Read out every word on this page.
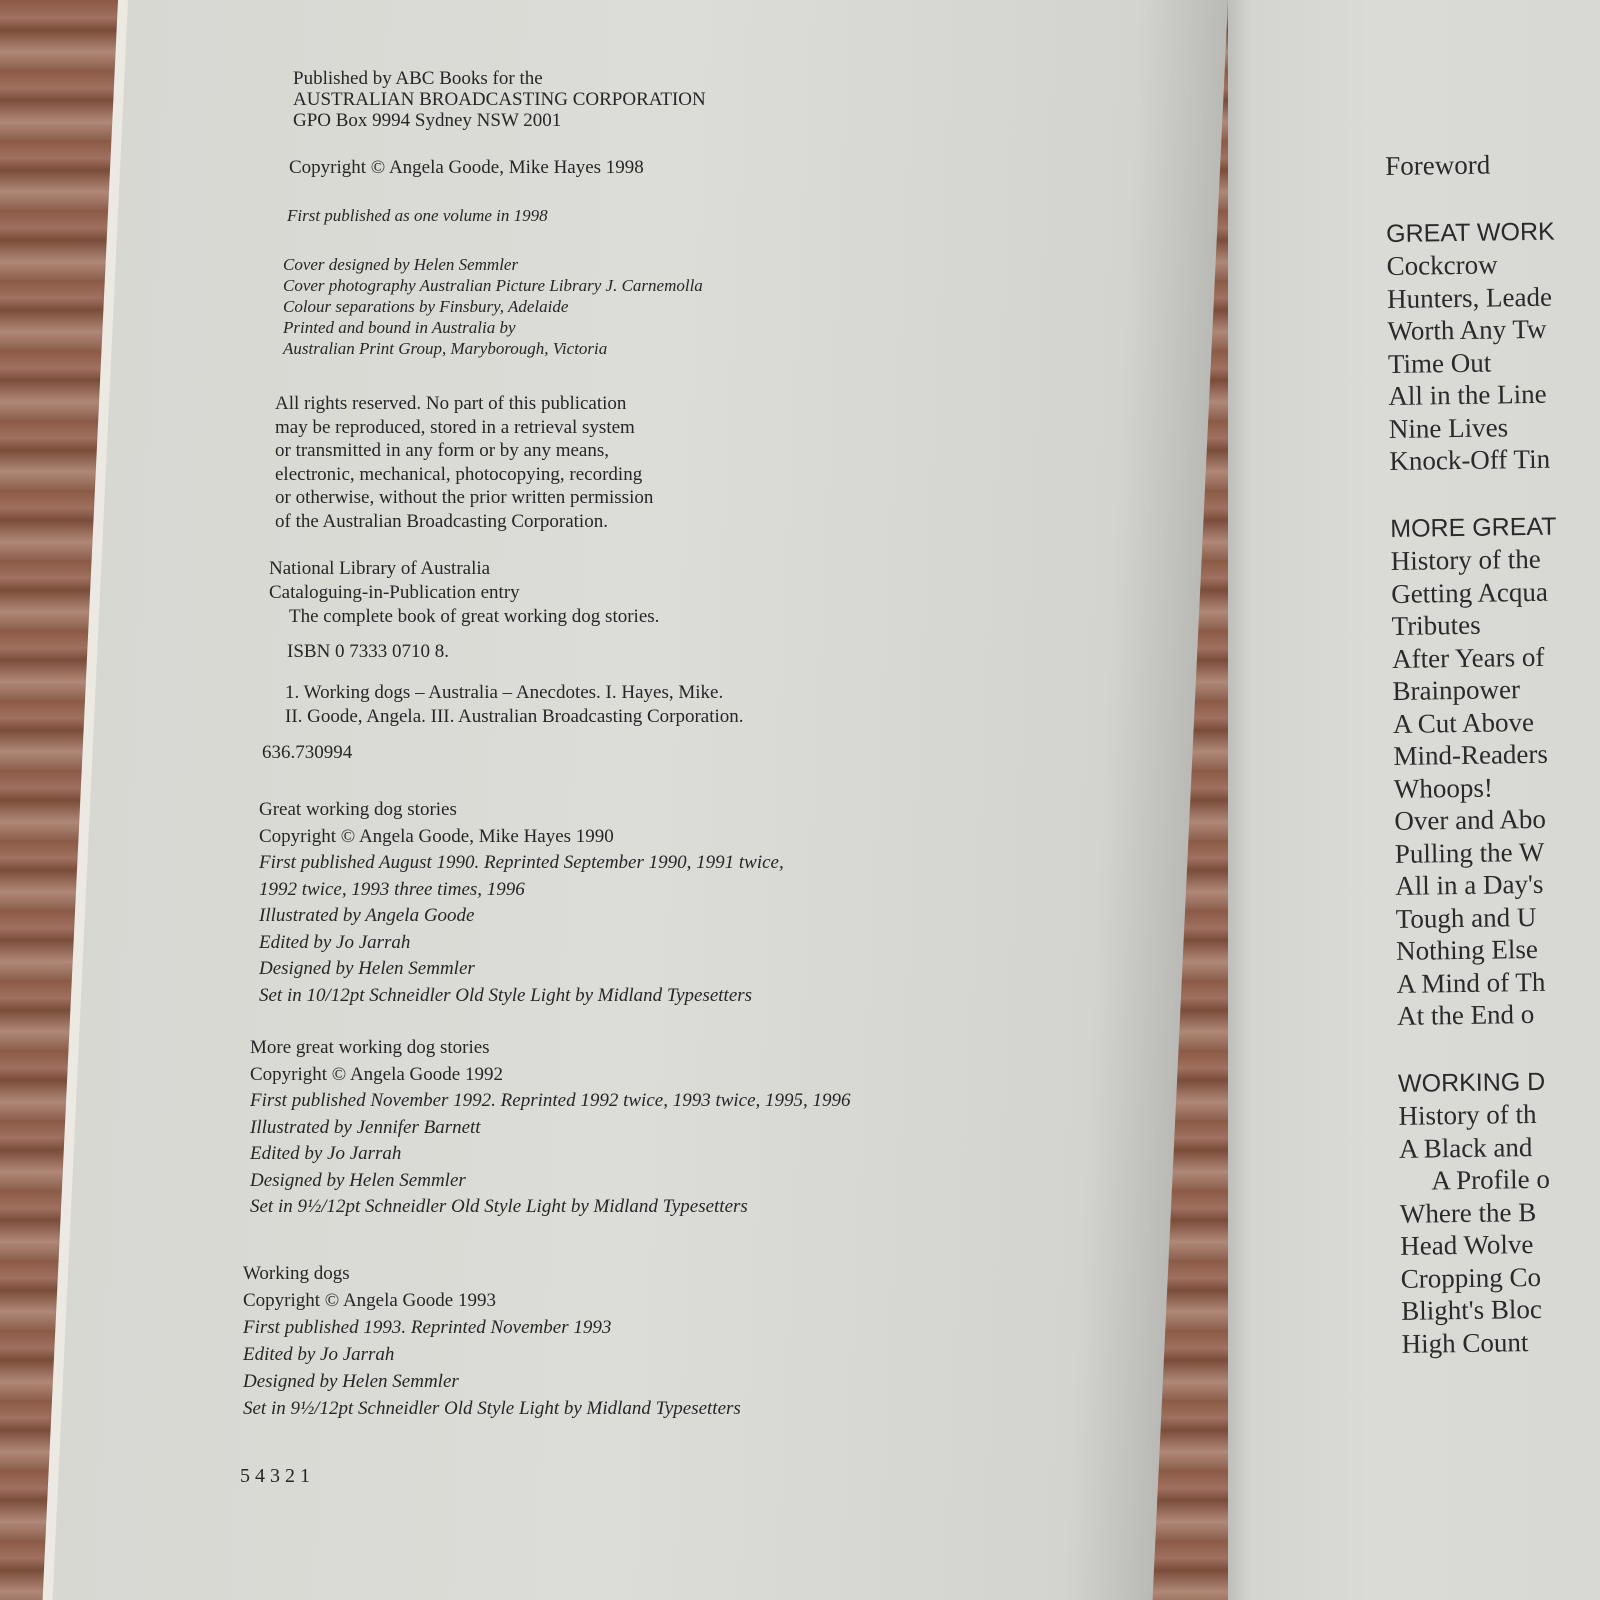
Published by ABC Books for the
AUSTRALIAN BROADCASTING CORPORATION
GPO Box 9994 Sydney NSW 2001
Copyright © Angela Goode, Mike Hayes 1998
First published as one volume in 1998
Cover designed by Helen Semmler
Cover photography Australian Picture Library J. Carnemolla
Colour separations by Finsbury, Adelaide
Printed and bound in Australia by
Australian Print Group, Maryborough, Victoria
All rights reserved. No part of this publication
may be reproduced, stored in a retrieval system
or transmitted in any form or by any means,
electronic, mechanical, photocopying, recording
or otherwise, without the prior written permission
of the Australian Broadcasting Corporation.
National Library of Australia
Cataloguing-in-Publication entry
The complete book of great working dog stories.
ISBN 0 7333 0710 8.
1. Working dogs – Australia – Anecdotes. I. Hayes, Mike.
II. Goode, Angela. III. Australian Broadcasting Corporation.
636.730994
Great working dog stories
Copyright © Angela Goode, Mike Hayes 1990
First published August 1990. Reprinted September 1990, 1991 twice,
1992 twice, 1993 three times, 1996
Illustrated by Angela Goode
Edited by Jo Jarrah
Designed by Helen Semmler
Set in 10/12pt Schneidler Old Style Light by Midland Typesetters
More great working dog stories
Copyright © Angela Goode 1992
First published November 1992. Reprinted 1992 twice, 1993 twice, 1995, 1996
Illustrated by Jennifer Barnett
Edited by Jo Jarrah
Designed by Helen Semmler
Set in 9½/12pt Schneidler Old Style Light by Midland Typesetters
Working dogs
Copyright © Angela Goode 1993
First published 1993. Reprinted November 1993
Edited by Jo Jarrah
Designed by Helen Semmler
Set in 9½/12pt Schneidler Old Style Light by Midland Typesetters
5 4 3 2 1
Foreword
GREAT WORK
Cockcrow
Hunters, Leade
Worth Any Tw
Time Out
All in the Line
Nine Lives
Knock-Off Tin
MORE GREAT
History of the
Getting Acqua
Tributes
After Years of
Brainpower
A Cut Above
Mind-Readers
Whoops!
Over and Abo
Pulling the W
All in a Day's
Tough and U
Nothing Else
A Mind of Th
At the End o
WORKING D
History of th
A Black and
A Profile o
Where the B
Head Wolve
Cropping Co
Blight's Bloc
High Count
